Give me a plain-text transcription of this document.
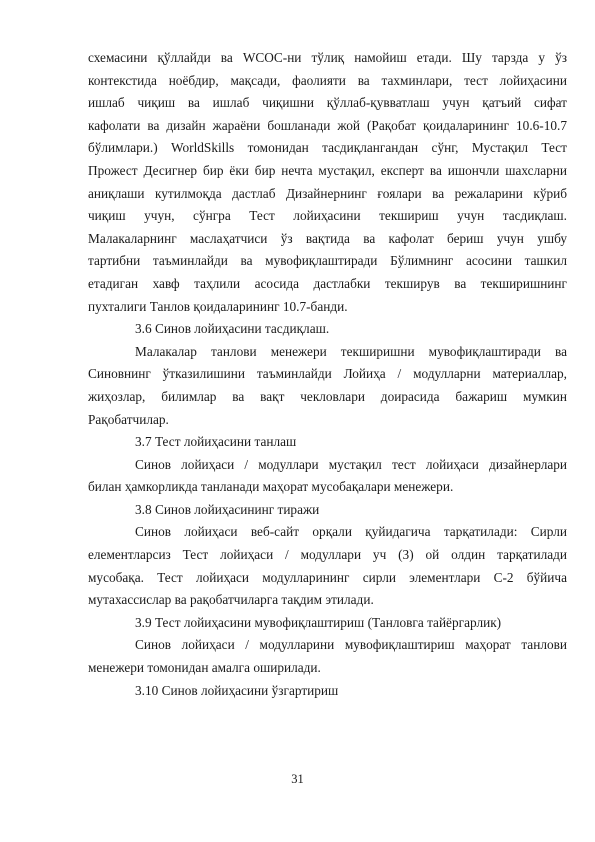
схемасини қўллайди ва WCOC-ни тўлиқ намойиш етади. Шу тарзда у ўз
контекстида ноёбдир, мақсади, фаолияти ва тахминлари, тест лойиҳасини
ишлаб чиқиш ва ишлаб чиқишни қўллаб-қувватлаш учун қатъий сифат
кафолати ва дизайн жараёни бошланади жой (Рақобат қоидаларининг 10.6-10.7
бўлимлари.) WorldSkills томонидан тасдиқлангандан сўнг, Мустақил Тест
Прожест Десигнер бир ёки бир нечта мустақил, експерт ва ишончли шахсларни
аниқлаши кутилмоқда дастлаб Дизайнернинг ғоялари ва режаларини кўриб
чиқиш учун, сўнгра Тест лойиҳасини текшириш учун тасдиқлаш.
Малакаларнинг маслаҳатчиси ўз вақтида ва кафолат бериш учун ушбу
тартибни таъминлайди ва мувофиқлаштиради Бўлимнинг асосини ташкил
етадиган хавф таҳлили асосида дастлабки текширув ва текширишнинг
пухталиги Танлов қоидаларининг 10.7-банди.
3.6 Синов лойиҳасини тасдиқлаш.
Малакалар танлови менежери текширишни мувофиқлаштиради ва
Синовнинг ўтказилишини таъминлайди Лойиҳа / модулларни материаллар,
жиҳозлар, билимлар ва вақт чекловлари доирасида бажариш мумкин
Рақобатчилар.
3.7 Тест лойиҳасини танлаш
Синов лойиҳаси / модуллари мустақил тест лойиҳаси дизайнерлари
билан ҳамкорликда танланади маҳорат мусобақалари менежери.
3.8 Синов лойиҳасининг тиражи
Синов лойиҳаси веб-сайт орқали қуйидагича тарқатилади: Сирли
елементларсиз Тест лойиҳаси / модуллари уч (3) ой олдин тарқатилади
мусобақа. Тест лойиҳаси модулларининг сирли элементлари С-2 бўйича
мутахассислар ва рақобатчиларга тақдим этилади.
3.9 Тест лойиҳасини мувофиқлаштириш (Танловга тайёргарлик)
Синов лойиҳаси / модулларини мувофиқлаштириш маҳорат танлови
менежери томонидан амалга оширилади.
3.10 Синов лойиҳасини ўзгартириш
31
